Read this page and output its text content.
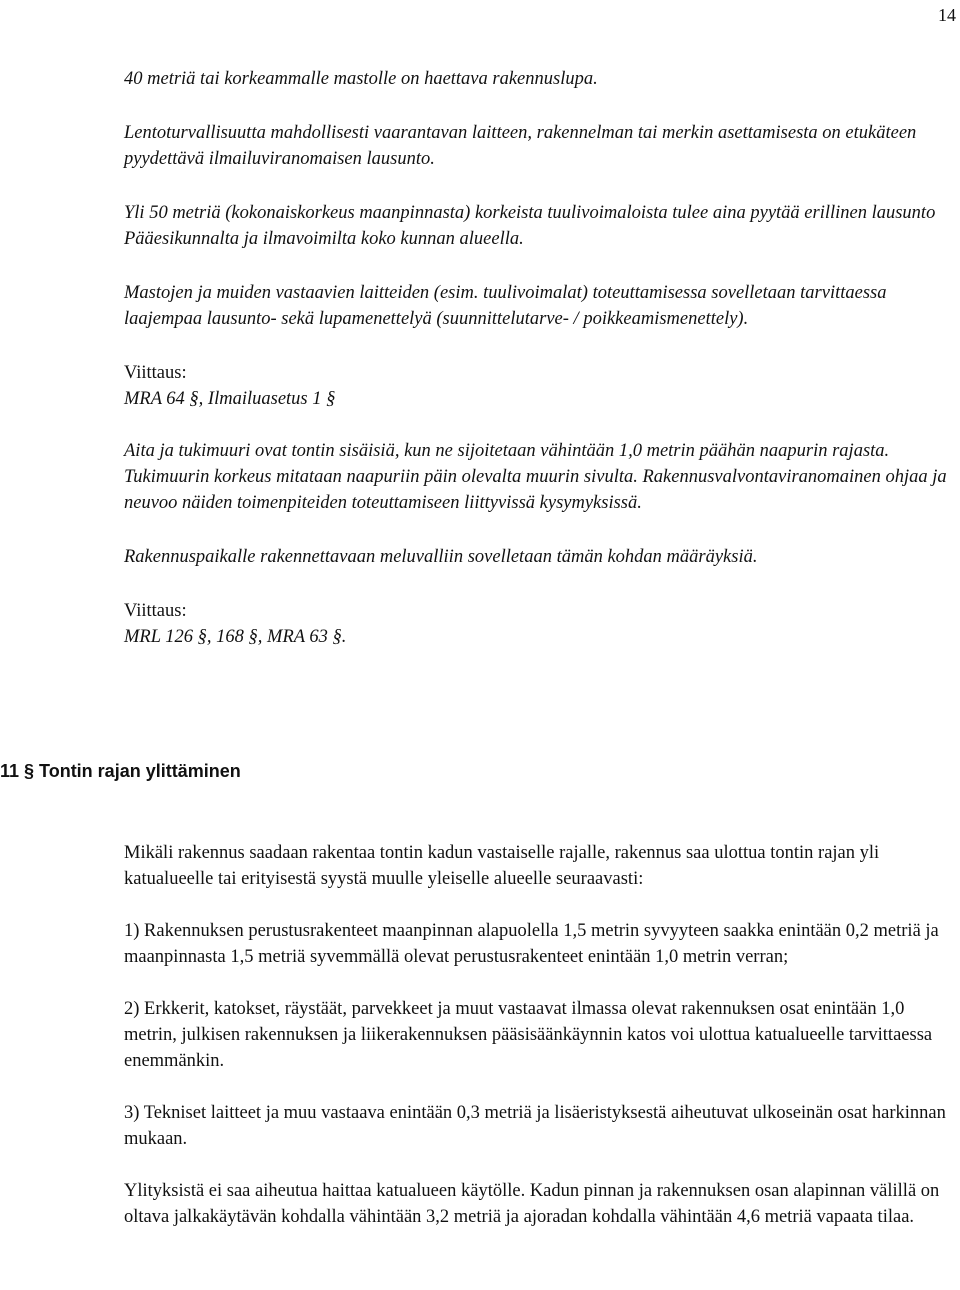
14

40 metriä tai korkeammalle mastolle on haettava rakennuslupa.

Lentoturvallisuutta mahdollisesti vaarantavan laitteen, rakennelman tai merkin asettamisesta on etukäteen pyydettävä ilmailuviranomaisen lausunto.

Yli 50 metriä (kokonaiskorkeus maanpinnasta) korkeista tuulivoimaloista tulee aina pyytää erillinen lausunto Pääesikunnalta ja ilmavoimilta koko kunnan alueella.

Mastojen ja muiden vastaavien laitteiden (esim. tuulivoimalat) toteuttamisessa sovelletaan tarvittaessa laajempaa lausunto- sekä lupamenettelyä (suunnittelutarve- / poikkeamismenettely).

Viittaus:

MRA 64 §, Ilmailuasetus 1 §

Aita ja tukimuuri ovat tontin sisäisiä, kun ne sijoitetaan vähintään 1,0 metrin päähän naapurin rajasta. Tukimuurin korkeus mitataan naapuriin päin olevalta muurin sivulta. Rakennusvalvontaviranomainen ohjaa ja neuvoo näiden toimenpiteiden toteuttamiseen liittyvissä kysymyksissä.

Rakennuspaikalle rakennettavaan meluvalliin sovelletaan tämän kohdan määräyksiä.

Viittaus:

MRL 126 §, 168 §, MRA 63 §.

11 § Tontin rajan ylittäminen

Mikäli rakennus saadaan rakentaa tontin kadun vastaiselle rajalle, rakennus saa ulottua tontin rajan yli katualueelle tai erityisestä syystä muulle yleiselle alueelle seuraavasti:

1) Rakennuksen perustusrakenteet maanpinnan alapuolella 1,5 metrin syvyyteen saakka enintään 0,2 metriä ja maanpinnasta 1,5 metriä syvemmällä olevat perustusrakenteet enintään 1,0 metrin verran;

2) Erkkerit, katokset, räystäät, parvekkeet ja muut vastaavat ilmassa olevat rakennuksen osat enintään 1,0 metrin, julkisen rakennuksen ja liikerakennuksen pääsisäänkäynnin katos voi ulottua katualueelle tarvittaessa enemmänkin.

3) Tekniset laitteet ja muu vastaava enintään 0,3 metriä ja lisäeristyksestä aiheutuvat ulkoseinän osat harkinnan mukaan.

Ylityksistä ei saa aiheutua haittaa katualueen käytölle. Kadun pinnan ja rakennuksen osan alapinnan välillä on oltava jalkakäytävän kohdalla vähintään 3,2 metriä ja ajoradan kohdalla vähintään 4,6 metriä vapaata tilaa.
